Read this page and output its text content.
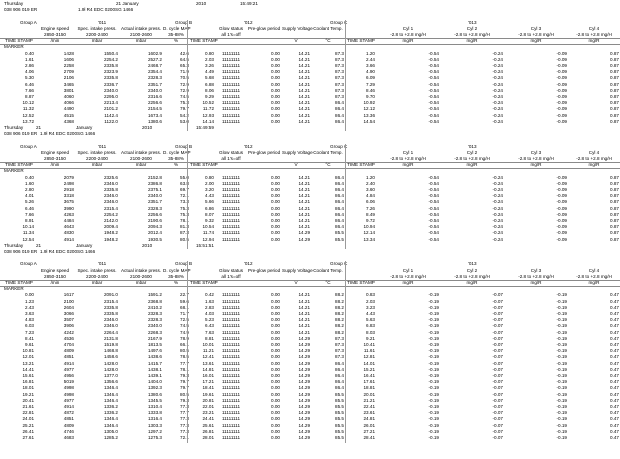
Thursday	21 January	2010	15:49:21
038 906 019 ER	1.9l R4 EDC 0200SG 1466
Group A	'011	Group B	'012	Group C	'013
Engine speed	Spec. intake press. Actual intake press. D. cycle MAP	Glow status	Pre-glow period Supply Voltage Coolant Temp.	Cyl 1	Cyl 2	Cyl 3	Cyl 4
2850-3150	2200-2400	2100-2600	35-88%	all 1's=off	-2.8 to +2.8 mg/H	-2.8 to +2.8 mg/H	-2.8 to +2.8 mg/H	-2.8 to +2.8 mg/H
TIME STAMP	/min	mbar	mbar	%	TIME STAMP	V	°C	TIME STAMP	mg/R	mg/R	mg/R	mg/R
MARKER
0.40	1428	1550.4	1602.9	42.6	0.80	11111111	0.00	14.21	87.3	1.20	-0.54	-0.24	-0.09	0.87
1.61	1606	2254.2	2527.2	64.5	2.03	11111111	0.00	14.21	87.3	2.44	-0.54	-0.24	-0.09	0.87
2.86	2258	2335.8	2468.7	65.3	3.26	11111111	0.00	14.21	87.3	3.66	-0.54	-0.24	-0.09	0.87
4.06	2709	2323.9	2354.4	71.9	4.49	11111111	0.00	14.21	87.3	4.90	-0.54	-0.24	-0.09	0.87
5.30	2106	2335.8	2328.3	70.5	5.68	11111111	0.00	14.21	87.3	6.09	-0.54	-0.24	-0.09	0.87
6.46	3465	2336.7	2351.7	72.9	6.88	11111111	0.00	14.21	87.3	7.29	-0.54	-0.24	-0.09	0.87
7.66	3801	2340.0	2340.0	72.9	8.06	11111111	0.00	14.21	87.3	8.46	-0.54	-0.24	-0.09	0.87
8.87	4060	2295.0	2316.6	74.5	9.29	11111111	0.00	14.21	87.3	9.70	-0.54	-0.24	-0.09	0.87
10.12	4066	2213.4	2256.6	75.3	10.52	11111111	0.00	14.21	86.4	10.92	-0.54	-0.24	-0.09	0.87
11.32	4490	2101.2	2154.5	79.7	11.72	11111111	0.00	14.21	86.4	12.12	-0.54	-0.24	-0.09	0.87
12.52	4515	1142.4	1673.4	54.2	12.93	11111111	0.00	14.21	86.4	13.36	-0.54	-0.24	-0.09	0.87
13.72	4368	1122.0	1380.6	53.0	14.14	11111111	0.00	14.21	86.4	14.54	-0.54	-0.24	-0.09	0.87
Thursday	21	January	2010	15:49:59
038 906 019 ER 1.9l R4 EDC 0200SG 1466
Group A	'011	Group B	'012	Group C	'013
Engine speed	Spec. intake press. Actual intake press. D. cycle MAP	Glow status	Pre-glow period Supply Voltage Coolant Temp.	Cyl 1	Cyl 2	Cyl 3	Cyl 4
2850-3150	2200-2400	2100-2600	35-88%	all 1's=off	-2.8 to +2.8 mg/H	-2.8 to +2.8 mg/H	-2.8 to +2.8 mg/H	-2.8 to +2.8 mg/H
TIME STAMP	/min	mbar	mbar	%	TIME STAMP	V	°C	TIME STAMP	mg/R	mg/R	mg/R	mg/R
MARKER
0.40	2079	2325.6	2152.8	55.0	0.80	11111111	0.00	14.21	86.4	1.20	-0.54	-0.24	-0.09	0.87
1.60	2498	2346.0	2386.8	63.8	2.00	11111111	0.00	14.21	86.4	2.40	-0.54	-0.24	-0.09	0.87
2.80	2918	2335.8	2375.1	69.7	3.20	11111111	0.00	14.21	86.4	3.60	-0.54	-0.24	-0.09	0.87
4.01	3318	2346.0	2340.0	72.1	4.43	11111111	0.00	14.21	86.4	4.84	-0.54	-0.24	-0.09	0.87
5.26	3675	2346.0	2351.7	73.3	5.66	11111111	0.00	14.21	86.4	6.06	-0.54	-0.24	-0.09	0.87
6.46	3990	2315.4	2328.3	75.3	6.86	11111111	0.00	14.21	86.4	7.26	-0.54	-0.24	-0.09	0.87
7.66	4263	2254.2	2256.6	75.3	8.07	11111111	0.00	14.21	86.4	8.49	-0.54	-0.24	-0.09	0.87
8.91	4484	2142.0	2190.6	78.1	9.32	11111111	0.00	14.21	86.4	9.72	-0.54	-0.24	-0.09	0.87
10.14	4643	2009.4	2094.3	81.3	10.54	11111111	0.00	14.21	86.4	10.94	-0.54	-0.24	-0.09	0.87
11.34	4830	1948.2	2012.4	87.3	11.74	11111111	0.00	14.29	85.5	12.14	-0.54	-0.24	-0.09	0.87
12.54	4914	1948.2	1930.5	80.5	12.94	11111111	0.00	14.29	85.5	13.34	-0.54	-0.24	-0.09	0.87
Thursday	21	January	2010	15:51:51
038 906 019 ER 1.9l R4 EDC 0200SG 1466
Group A	'011	Group B	'012	Group C	'013
Engine speed	Spec. intake press. Actual intake press. D. cycle MAP	Glow status	Pre-glow period Supply Voltage Coolant Temp.	Cyl 1	Cyl 2	Cyl 3	Cyl 4
2850-3150	2200-2400	2100-2600	35-88%	all 1's=off	-2.8 to +2.8 mg/H	-2.8 to +2.8 mg/H	-2.8 to +2.8 mg/H	-2.8 to +2.8 mg/H
TIME STAMP	/min	mbar	mbar	%	TIME STAMP	V	°C	TIME STAMP	mg/R	mg/R	mg/R	mg/R
MARKER
0.00	1617	2091.0	1591.2	22.7	0.42	11111111	0.00	14.21	88.2	0.83	-0.19	-0.07	-0.19	0.47
1.23	2100	2315.4	2368.8	59.6	1.63	11111111	0.00	14.21	88.2	2.03	-0.19	-0.07	-0.19	0.47
2.43	2604	2335.8	2410.2	68.1	2.83	11111111	0.00	14.21	88.2	3.23	-0.19	-0.07	-0.19	0.47
3.63	3066	2335.8	2328.3	71.7	4.03	11111111	0.00	14.21	88.2	4.43	-0.19	-0.07	-0.19	0.47
4.83	3507	2346.0	2328.3	72.5	5.23	11111111	0.00	14.21	88.2	5.63	-0.19	-0.07	-0.19	0.47
6.03	3906	2346.0	2340.0	74.5	6.43	11111111	0.00	14.21	88.2	6.83	-0.19	-0.07	-0.19	0.47
7.23	4242	2264.4	2268.3	74.9	7.63	11111111	0.00	14.21	88.2	8.03	-0.19	-0.07	-0.19	0.47
8.41	4536	2131.8	2167.9	78.9	8.81	11111111	0.00	14.29	87.3	9.21	-0.19	-0.07	-0.19	0.47
9.61	4704	1519.8	1813.5	66.1	10.01	11111111	0.00	14.29	87.3	10.41	-0.19	-0.07	-0.19	0.47
10.81	4809	1468.8	1497.6	80.5	11.21	11111111	0.00	14.29	87.3	11.61	-0.19	-0.07	-0.19	0.47
12.01	4851	1458.6	1438.6	78.5	12.41	11111111	0.00	14.29	87.3	12.81	-0.19	-0.07	-0.19	0.47
13.21	4914	1428.0	1415.7	77.7	13.61	11111111	0.00	14.29	86.4	14.01	-0.19	-0.07	-0.19	0.47
14.41	4977	1428.0	1438.1	78.1	14.81	11111111	0.00	14.29	86.4	15.21	-0.19	-0.07	-0.19	0.47
15.61	4956	1377.0	1439.1	79.3	16.01	11111111	0.00	14.29	86.4	16.41	-0.19	-0.07	-0.19	0.47
16.81	5019	1356.6	1404.0	79.7	17.21	11111111	0.00	14.29	86.4	17.61	-0.19	-0.07	-0.19	0.47
18.01	4998	1346.4	1392.3	79.7	18.41	11111111	0.00	14.29	86.4	18.81	-0.19	-0.07	-0.19	0.47
19.21	4998	1346.4	1380.6	80.5	19.61	11111111	0.00	14.29	85.5	20.01	-0.19	-0.07	-0.19	0.47
20.41	4977	1346.4	1345.5	79.3	20.81	11111111	0.00	14.29	85.5	21.21	-0.19	-0.07	-0.19	0.47
21.61	4914	1336.2	1310.4	77.3	22.01	11111111	0.00	14.29	85.5	22.41	-0.19	-0.07	-0.19	0.47
22.81	4872	1336.2	1333.8	77.7	23.21	11111111	0.00	14.29	85.5	23.61	-0.19	-0.07	-0.19	0.47
24.01	4851	1346.4	1316.4	77.3	24.41	11111111	0.00	14.29	85.5	24.81	-0.19	-0.07	-0.19	0.47
25.21	4809	1346.4	1303.3	77.3	25.61	11111111	0.00	14.29	85.5	26.01	-0.19	-0.07	-0.19	0.47
26.41	4746	1305.0	1297.2	77.3	26.81	11111111	0.00	14.29	85.5	27.21	-0.19	-0.07	-0.19	0.47
27.61	4683	1285.2	1275.3	72.1	28.01	11111111	0.00	14.29	85.5	28.41	-0.19	-0.07	-0.19	0.47
